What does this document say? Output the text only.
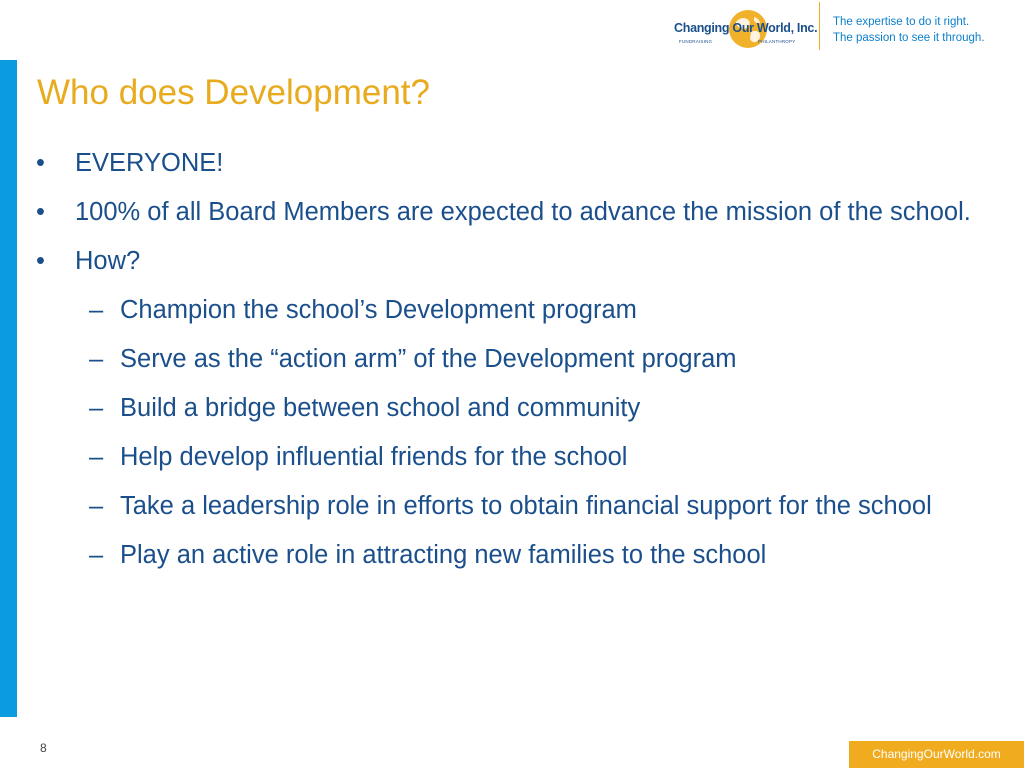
Changing Our World, Inc.
FUNDRAISING	PHILANTHROPY
The expertise to do it right.
The passion to see it through.
Who does Development?
•	EVERYONE!
•	100% of all Board Members are expected to advance the mission of the school.
•	How?
– Champion the school’s Development program
– Serve as the “action arm” of the Development program
– Build a bridge between school and community
– Help develop influential friends for the school
– Take a leadership role in efforts to obtain financial support for the school
– Play an active role in attracting new families to the school
8	ChangingOurWorld.com
